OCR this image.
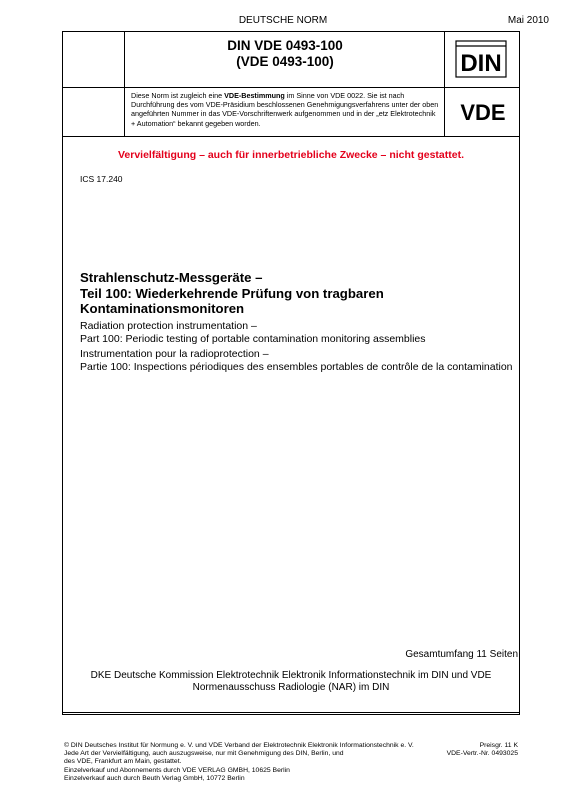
DEUTSCHE NORM	Mai 2010
DIN VDE 0493-100
(VDE 0493-100)	DIN
Diese Norm ist zugleich eine VDE-Bestimmung im Sinne von VDE 0022. Sie ist nach Durchführung des vom VDE-Präsidium beschlossenen Genehmigungsverfahrens unter der oben angeführten Nummer in das VDE-Vorschriftenwerk aufgenommen und in der „etz Elektrotechnik + Automation“ bekannt gegeben worden.	VDE
Vervielfältigung – auch für innerbetriebliche Zwecke – nicht gestattet.
ICS 17.240
Strahlenschutz-Messgeräte –
Teil 100: Wiederkehrende Prüfung von tragbaren
Kontaminationsmonitoren
Radiation protection instrumentation –
Part 100: Periodic testing of portable contamination monitoring assemblies
Instrumentation pour la radioprotection –
Partie 100: Inspections périodiques des ensembles portables de contrôle de la contamination
Gesamtumfang 11 Seiten
DKE Deutsche Kommission Elektrotechnik Elektronik Informationstechnik im DIN und VDE
Normenausschuss Radiologie (NAR) im DIN
© DIN Deutsches Institut für Normung e. V. und VDE Verband der Elektrotechnik Elektronik Informationstechnik e. V.
Jede Art der Vervielfältigung, auch auszugsweise, nur mit Genehmigung des DIN, Berlin, und
des VDE, Frankfurt am Main, gestattet.
Preisgr. 11 K
VDE-Vertr.-Nr. 0493025
Einzelverkauf und Abonnements durch VDE VERLAG GMBH, 10625 Berlin
Einzelverkauf auch durch Beuth Verlag GmbH, 10772 Berlin
